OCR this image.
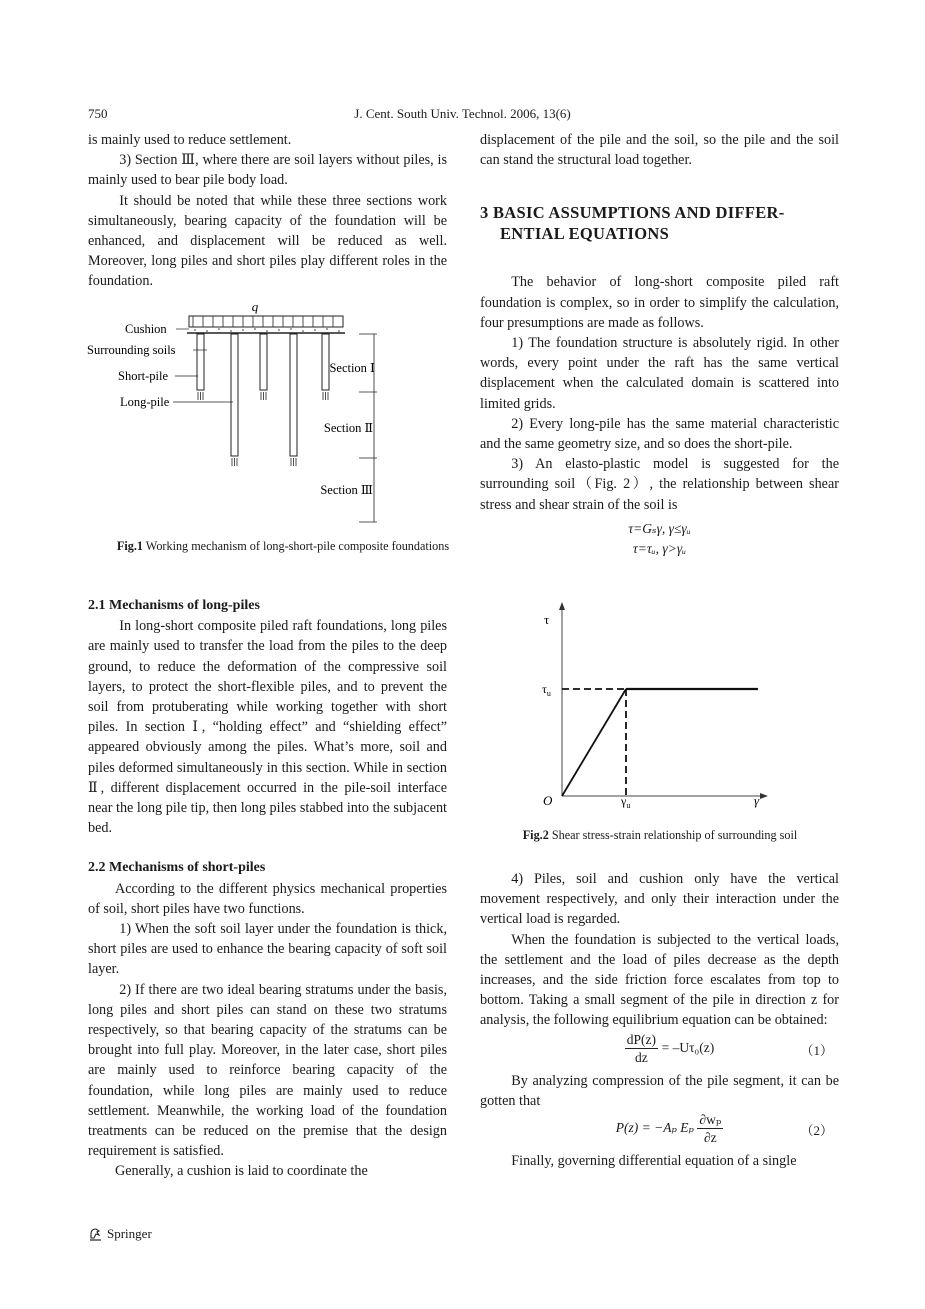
750	J. Cent. South Univ. Technol. 2006, 13(6)

is mainly used to reduce settlement.

3) Section Ⅲ, where there are soil layers without piles, is mainly used to bear pile body load.

It should be noted that while these three sections work simultaneously, bearing capacity of the foundation will be enhanced, and displacement will be reduced as well. Moreover, long piles and short piles play different roles in the foundation.

q
Cushion
Surrounding soils
Short-pile
Long-pile
Section Ⅰ
Section Ⅱ
Section Ⅲ
Fig.1 Working mechanism of long-short-pile composite foundations

2.1 Mechanisms of long-piles

In long-short composite piled raft foundations, long piles are mainly used to transfer the load from the piles to the deep ground, to reduce the deformation of the compressive soil layers, to protect the short-flexible piles, and to prevent the soil from protuberating while working together with short piles. In section Ⅰ, “holding effect” and “shielding effect” appeared obviously among the piles. What’s more, soil and piles deformed simultaneously in this section. While in section Ⅱ, different displacement occurred in the pile-soil interface near the long pile tip, then long piles stabbed into the subjacent bed.

2.2 Mechanisms of short-piles

According to the different physics mechanical properties of soil, short piles have two functions.

1) When the soft soil layer under the foundation is thick, short piles are used to enhance the bearing capacity of soft soil layer.

2) If there are two ideal bearing stratums under the basis, long piles and short piles can stand on these two stratums respectively, so that bearing capacity of the stratums can be brought into full play. Moreover, in the later case, short piles are mainly used to reinforce bearing capacity of the foundation, while long piles are mainly used to reduce settlement. Meanwhile, the working load of the foundation treatments can be reduced on the premise that the design requirement is satisfied.

Generally, a cushion is laid to coordinate the

Springer

displacement of the pile and the soil, so the pile and the soil can stand the structural load together.

3 BASIC ASSUMPTIONS AND DIFFER-ENTIAL EQUATIONS

The behavior of long-short composite piled raft foundation is complex, so in order to simplify the calculation, four presumptions are made as follows.

1) The foundation structure is absolutely rigid. In other words, every point under the raft has the same vertical displacement when the calculated domain is scattered into limited grids.

2) Every long-pile has the same material characteristic and the same geometry size, and so does the short-pile.

3) An elasto-plastic model is suggested for the surrounding soil（Fig. 2）, the relationship between shear stress and shear strain of the soil is

τ=Gₛγ, γ≤γᵤ

τ=τᵤ, γ>γᵤ

τ
$\tau_u$
O	$\gamma_u$	γ
Fig.2 Shear stress-strain relationship of surrounding soil

4) Piles, soil and cushion only have the vertical movement respectively, and only their interaction under the vertical load is regarded.

When the foundation is subjected to the vertical loads, the settlement and the load of piles decrease as the depth increases, and the side friction force escalates from top to bottom. Taking a small segment of the pile in direction z for analysis, the following equilibrium equation can be obtained:

$\frac{dP(z)}{dz} = -U\tau_0(z)$	（1）

By analyzing compression of the pile segment, it can be gotten that

P(z) = −Aₚ Eₚ $\frac{\text{∂wₚ}}{\partial z}$	（2）

Finally, governing differential equation of a single
